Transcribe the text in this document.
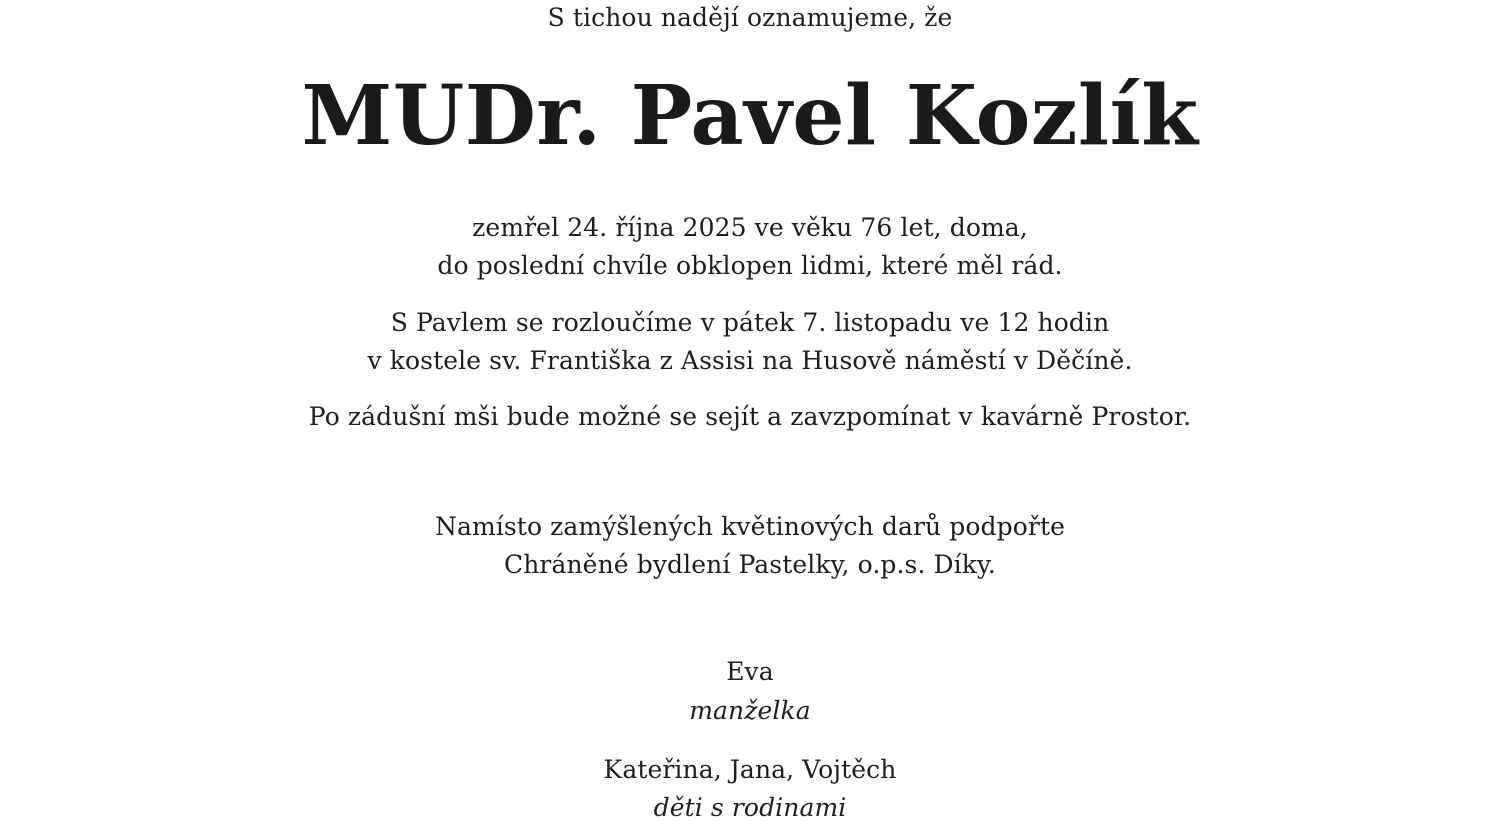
S tichou nadějí oznamujeme, že
MUDr. Pavel Kozlík
zemřel 24. října 2025 ve věku 76 let, doma,
do poslední chvíle obklopen lidmi, které měl rád.
S Pavlem se rozloučíme v pátek 7. listopadu ve 12 hodin
v kostele sv. Františka z Assisi na Husově náměstí v Děčíně.
Po zádušní mši bude možné se sejít a zavzpomínat v kavárně Prostor.
Namísto zamýšlených květinových darů podpořte
Chráněné bydlení Pastelky, o.p.s. Díky.
Eva
manželka
Kateřina, Jana, Vojtěch
děti s rodinami
